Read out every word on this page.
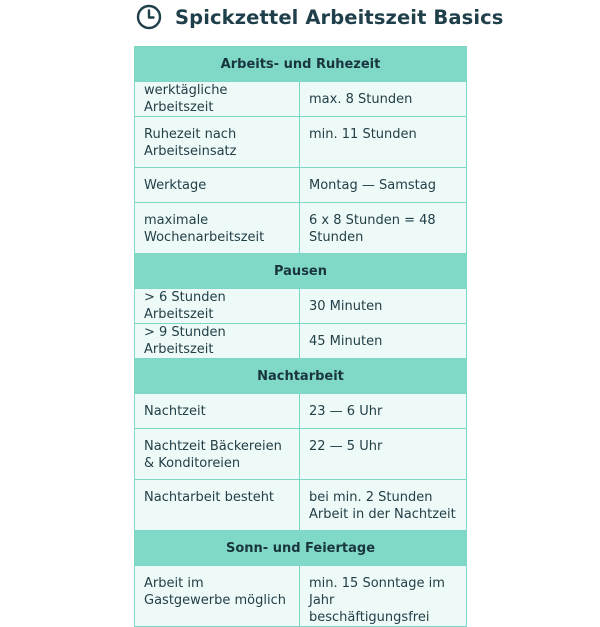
Spickzettel Arbeitszeit Basics
Arbeits- und Ruhezeit	
werktägliche Arbeitszeit	max. 8 Stunden
Ruhezeit nach Arbeitseinsatz	min. 11 Stunden
Werktage	Montag — Samstag
maximale Wochenarbeitszeit	6 x 8 Stunden = 48 Stunden
Pausen	
> 6 Stunden Arbeitszeit	30 Minuten
> 9 Stunden Arbeitszeit	45 Minuten
Nachtarbeit	
Nachtzeit	23 — 6 Uhr
Nachtzeit Bäckereien & Konditoreien	22 — 5 Uhr
Nachtarbeit besteht	bei min. 2 Stunden Arbeit in der Nachtzeit
Sonn- und Feiertage	
Arbeit im Gastgewerbe möglich	min. 15 Sonntage im Jahr beschäftigungsfrei
